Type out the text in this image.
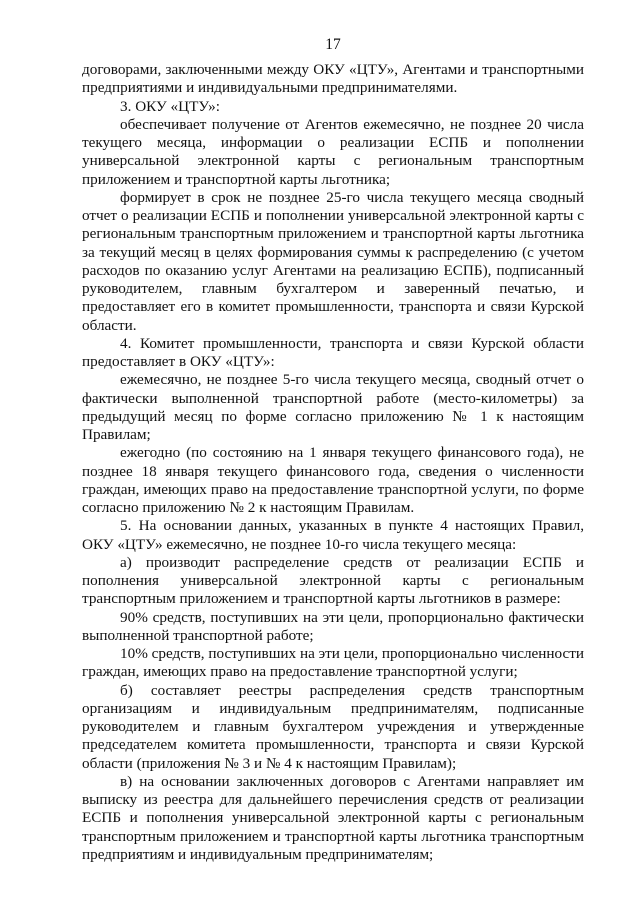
17

договорами, заключенными между ОКУ «ЦТУ», Агентами и транспортными предприятиями и индивидуальными предпринимателями.

3. ОКУ «ЦТУ»:

обеспечивает получение от Агентов ежемесячно, не позднее 20 числа текущего месяца, информации о реализации ЕСПБ и пополнении универсальной электронной карты с региональным транспортным приложением и транспортной карты льготника;

формирует в срок не позднее 25-го числа текущего месяца сводный отчет о реализации ЕСПБ и пополнении универсальной электронной карты с региональным транспортным приложением и транспортной карты льготника за текущий месяц в целях формирования суммы к распределению (с учетом расходов по оказанию услуг Агентами на реализацию ЕСПБ), подписанный руководителем, главным бухгалтером и заверенный печатью, и предоставляет его в комитет промышленности, транспорта и связи Курской области.

4. Комитет промышленности, транспорта и связи Курской области предоставляет в ОКУ «ЦТУ»:

ежемесячно, не позднее 5-го числа текущего месяца, сводный отчет о фактически выполненной транспортной работе (место-километры) за предыдущий месяц по форме согласно приложению № 1 к настоящим Правилам;

ежегодно (по состоянию на 1 января текущего финансового года), не позднее 18 января текущего финансового года, сведения о численности граждан, имеющих право на предоставление транспортной услуги, по форме согласно приложению № 2 к настоящим Правилам.

5. На основании данных, указанных в пункте 4 настоящих Правил, ОКУ «ЦТУ» ежемесячно, не позднее 10-го числа текущего месяца:

а) производит распределение средств от реализации ЕСПБ и пополнения универсальной электронной карты с региональным транспортным приложением и транспортной карты льготников в размере:

90% средств, поступивших на эти цели, пропорционально фактически выполненной транспортной работе;

10% средств, поступивших на эти цели, пропорционально численности граждан, имеющих право на предоставление транспортной услуги;

б) составляет реестры распределения средств транспортным организациям и индивидуальным предпринимателям, подписанные руководителем и главным бухгалтером учреждения и утвержденные председателем комитета промышленности, транспорта и связи Курской области (приложения № 3 и № 4 к настоящим Правилам);

в) на основании заключенных договоров с Агентами направляет им выписку из реестра для дальнейшего перечисления средств от реализации ЕСПБ и пополнения универсальной электронной карты с региональным транспортным приложением и транспортной карты льготника транспортным предприятиям и индивидуальным предпринимателям;
